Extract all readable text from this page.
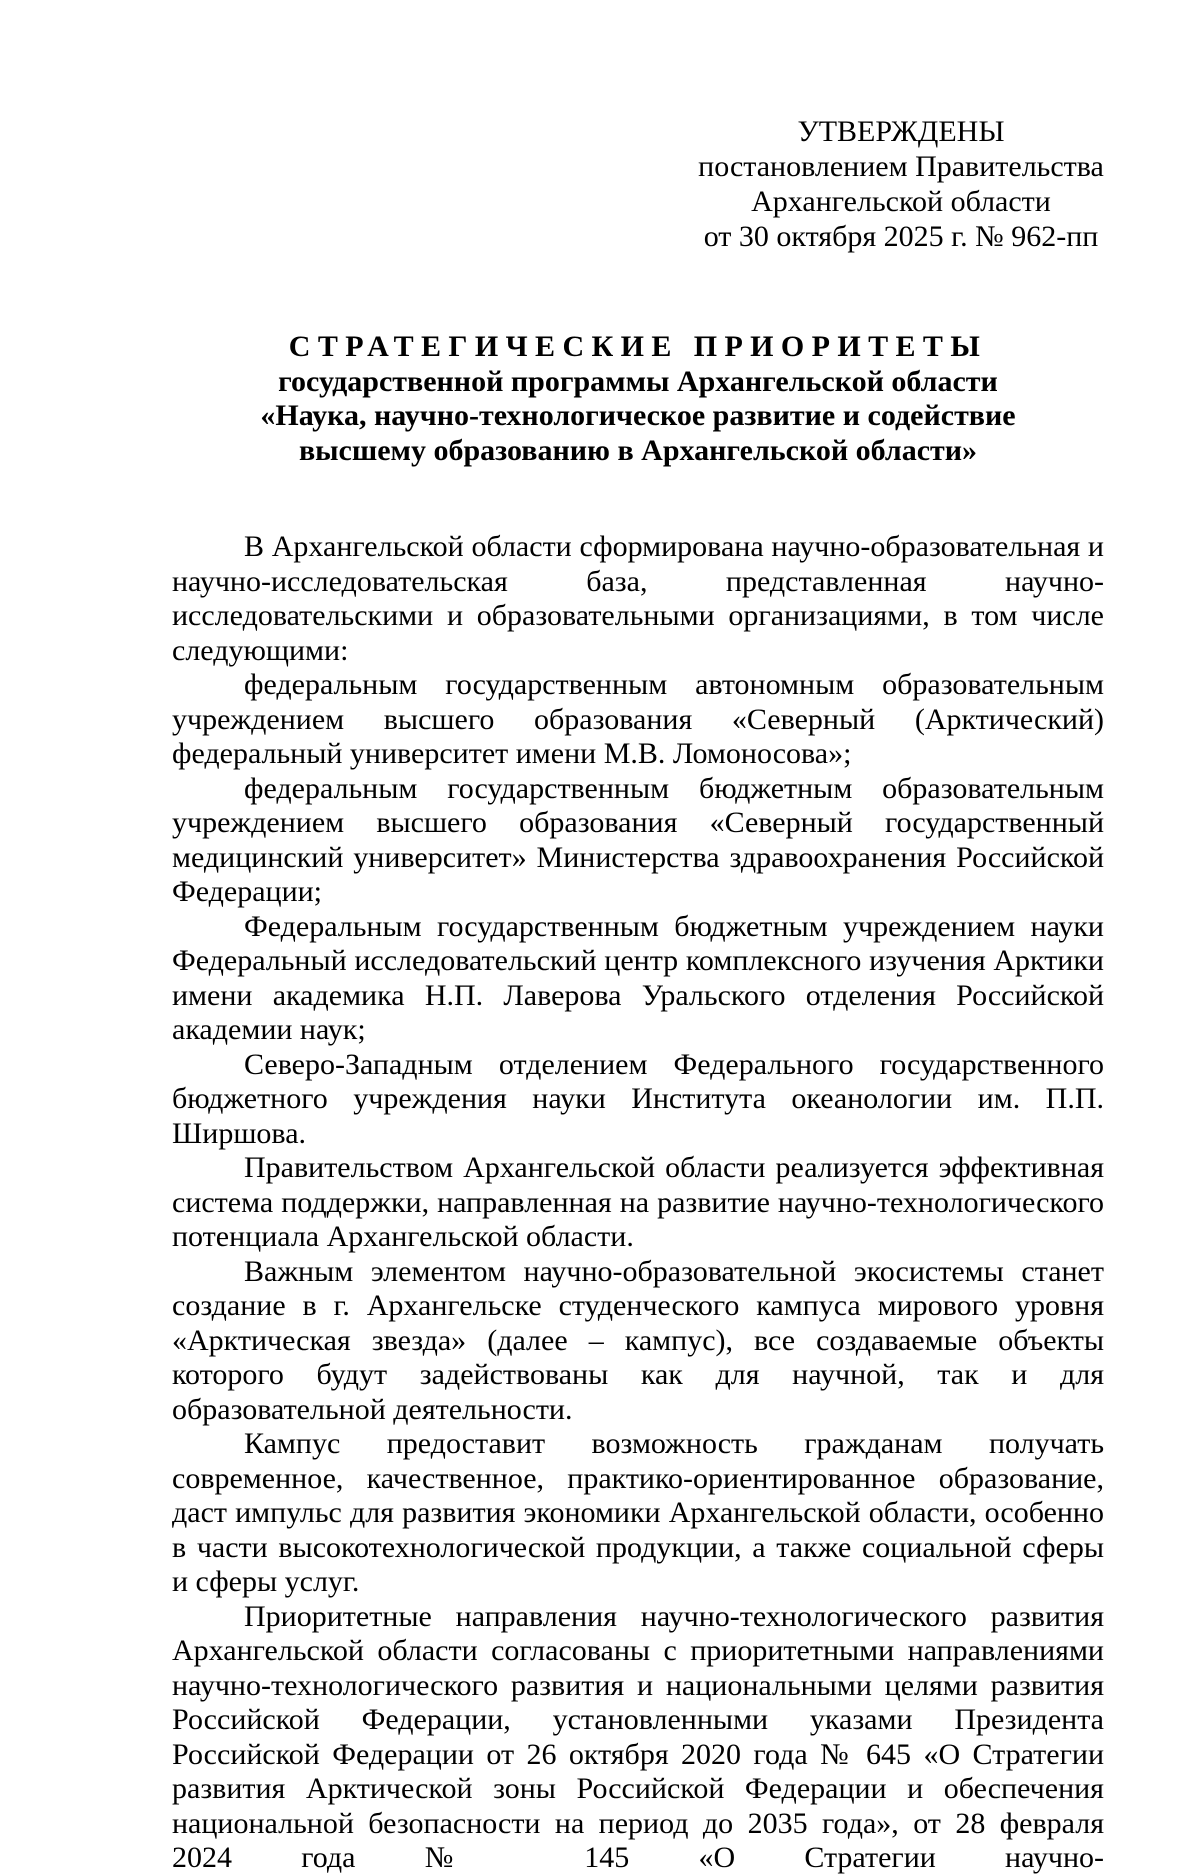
УТВЕРЖДЕНЫ
постановлением Правительства
Архангельской области
от 30 октября 2025 г. № 962-пп
СТРАТЕГИЧЕСКИЕ ПРИОРИТЕТЫ
государственной программы Архангельской области
«Наука, научно-технологическое развитие и содействие
высшему образованию в Архангельской области»

В Архангельской области сформирована научно-образовательная и научно-исследовательская база, представленная научно-исследовательскими и образовательными организациями, в том числе следующими:

федеральным государственным автономным образовательным учреждением высшего образования «Северный (Арктический) федеральный университет имени М.В. Ломоносова»;

федеральным государственным бюджетным образовательным учреждением высшего образования «Северный государственный медицинский университет» Министерства здравоохранения Российской Федерации;

Федеральным государственным бюджетным учреждением науки Федеральный исследовательский центр комплексного изучения Арктики имени академика Н.П. Лаверова Уральского отделения Российской академии наук;

Северо-Западным отделением Федерального государственного бюджетного учреждения науки Института океанологии им. П.П. Ширшова.

Правительством Архангельской области реализуется эффективная система поддержки, направленная на развитие научно-технологического потенциала Архангельской области.

Важным элементом научно-образовательной экосистемы станет создание в г. Архангельске студенческого кампуса мирового уровня «Арктическая звезда» (далее – кампус), все создаваемые объекты которого будут задействованы как для научной, так и для образовательной деятельности.

Кампус предоставит возможность гражданам получать современное, качественное, практико-ориентированное образование, даст импульс для развития экономики Архангельской области, особенно в части высокотехнологической продукции, а также социальной сферы и сферы услуг.

Приоритетные направления научно-технологического развития Архангельской области согласованы с приоритетными направлениями научно-технологического развития и национальными целями развития Российской Федерации, установленными указами Президента Российской Федерации от 26 октября 2020 года № 645 «О Стратегии развития Арктической зоны Российской Федерации и обеспечения национальной безопасности на период до 2035 года», от 28 февраля 2024 года № 145 «О Стратегии научно-
